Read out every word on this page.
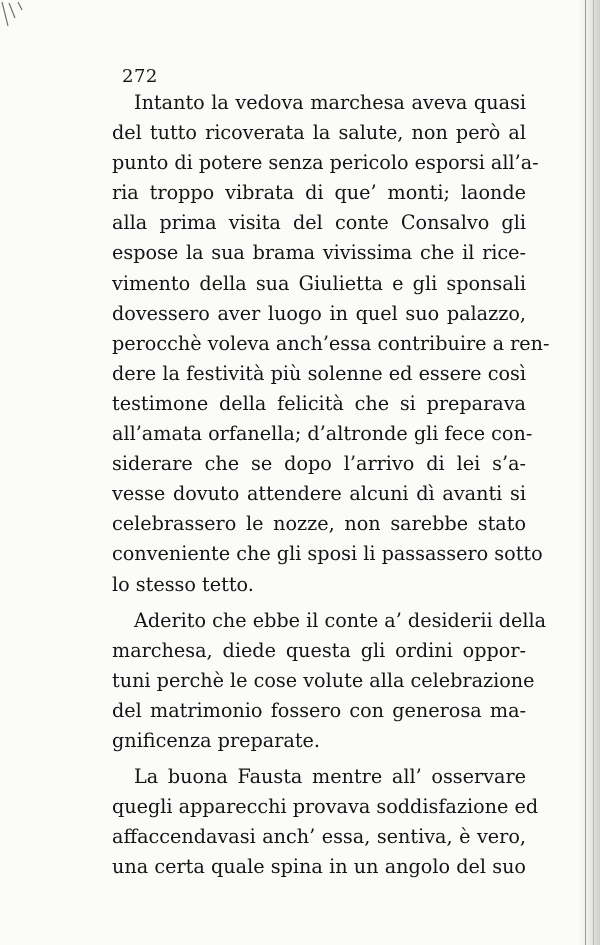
272

Intanto la vedova marchesa aveva quasi
del tutto ricoverata la salute, non però al
punto di potere senza pericolo esporsi all’a-
ria troppo vibrata di que’ monti; laonde
alla prima visita del conte Consalvo gli
espose la sua brama vivissima che il rice-
vimento della sua Giulietta e gli sponsali
dovessero aver luogo in quel suo palazzo,
perocchè voleva anch’essa contribuire a ren-
dere la festività più solenne ed essere così
testimone della felicità che si preparava
all’amata orfanella; d’altronde gli fece con-
siderare che se dopo l’arrivo di lei s’a-
vesse dovuto attendere alcuni dì avanti si
celebrassero le nozze, non sarebbe stato
conveniente che gli sposi li passassero sotto
lo stesso tetto.

Aderito che ebbe il conte a’ desiderii della
marchesa, diede questa gli ordini oppor-
tuni perchè le cose volute alla celebrazione
del matrimonio fossero con generosa ma-
gnificenza preparate.

La buona Fausta mentre all’ osservare
quegli apparecchi provava soddisfazione ed
affaccendavasi anch’ essa, sentiva, è vero,
una certa quale spina in un angolo del suo
